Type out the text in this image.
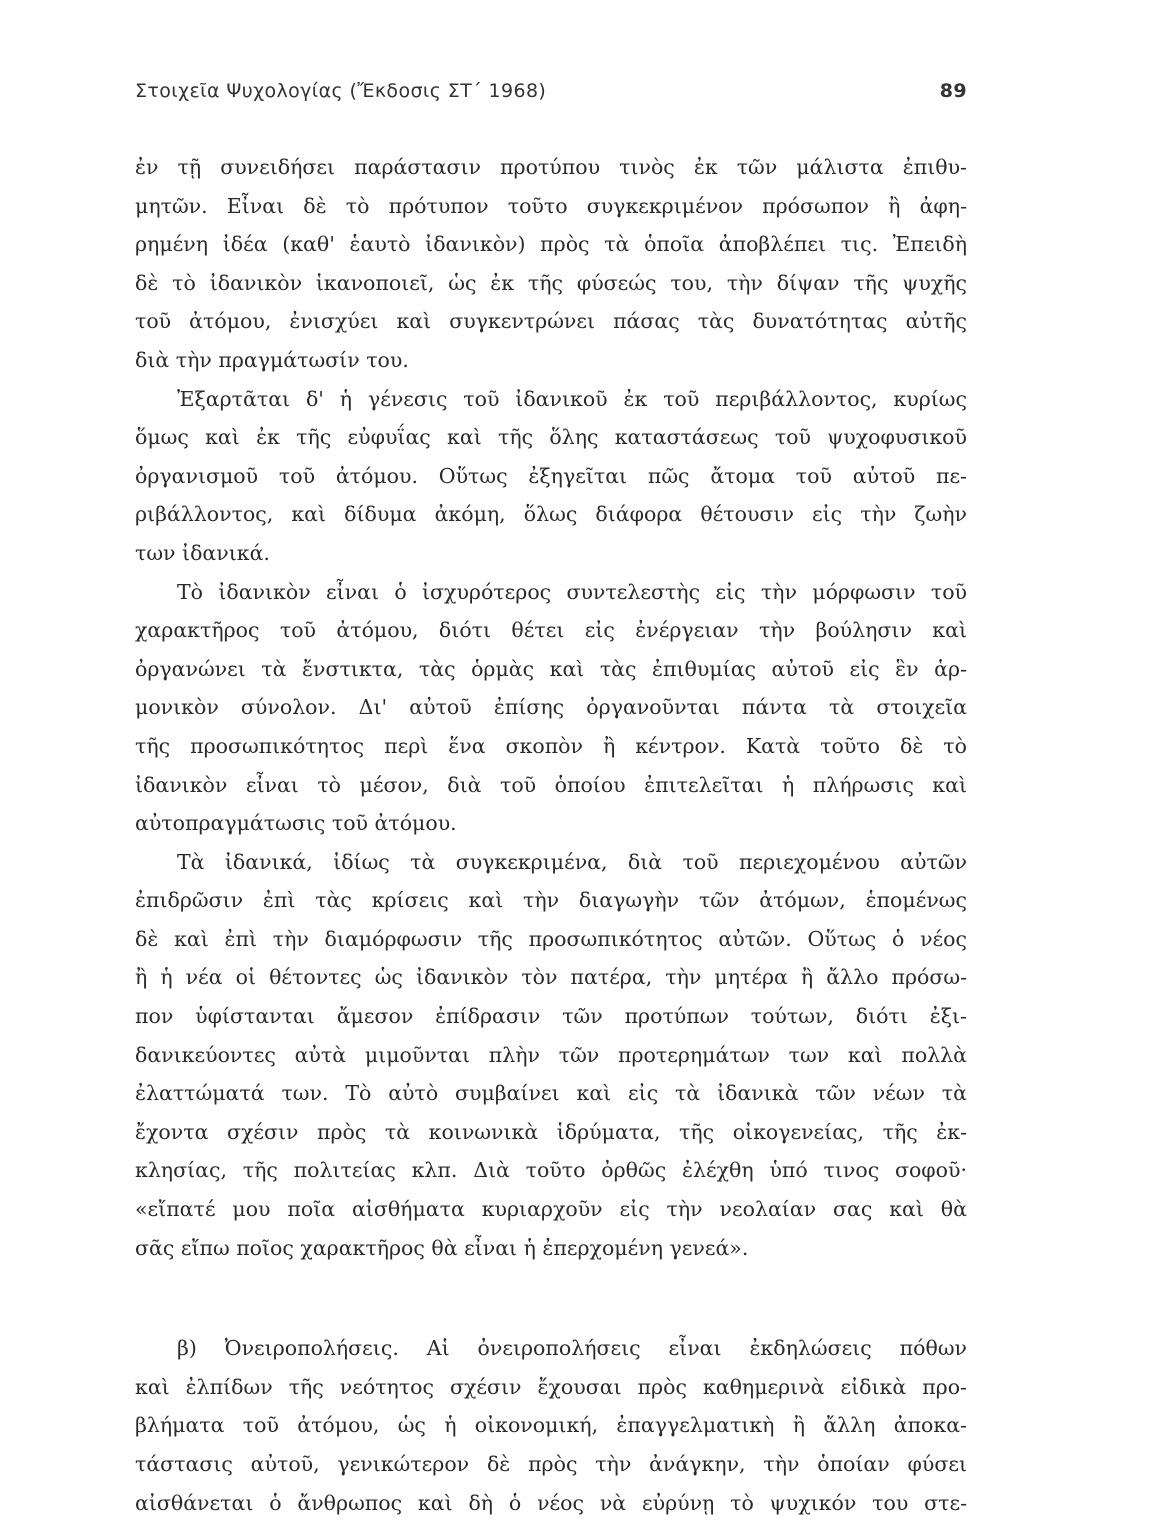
Στοιχεῖα Ψυχολογίας (Ἔκδοσις ΣΤ΄ 1968)	89
ἐν τῇ συνειδήσει παράστασιν προτύπου τινὸς ἐκ τῶν μάλιστα ἐπιθυ-
μητῶν. Εἶναι δὲ τὸ πρότυπον τοῦτο συγκεκριμένον πρόσωπον ἢ ἀφη-
ρημένη ἰδέα (καθ' ἑαυτὸ ἰδανικὸν) πρὸς τὰ ὁποῖα ἀποβλέπει τις. Ἐπειδὴ
δὲ τὸ ἰδανικὸν ἱκανοποιεῖ, ὡς ἐκ τῆς φύσεώς του, τὴν δίψαν τῆς ψυχῆς
τοῦ ἀτόμου, ἐνισχύει καὶ συγκεντρώνει πάσας τὰς δυνατότητας αὐτῆς
διὰ τὴν πραγμάτωσίν του.
Ἐξαρτᾶται δ' ἡ γένεσις τοῦ ἰδανικοῦ ἐκ τοῦ περιβάλλοντος, κυρίως
ὅμως καὶ ἐκ τῆς εὐφυΐας καὶ τῆς ὅλης καταστάσεως τοῦ ψυχοφυσικοῦ
ὀργανισμοῦ τοῦ ἀτόμου. Οὕτως ἐξηγεῖται πῶς ἄτομα τοῦ αὐτοῦ πε-
ριβάλλοντος, καὶ δίδυμα ἀκόμη, ὅλως διάφορα θέτουσιν εἰς τὴν ζωὴν
των ἰδανικά.
Τὸ ἰδανικὸν εἶναι ὁ ἰσχυρότερος συντελεστὴς εἰς τὴν μόρφωσιν τοῦ
χαρακτῆρος τοῦ ἀτόμου, διότι θέτει εἰς ἐνέργειαν τὴν βούλησιν καὶ
ὀργανώνει τὰ ἔνστικτα, τὰς ὁρμὰς καὶ τὰς ἐπιθυμίας αὐτοῦ εἰς ἓν ἁρ-
μονικὸν σύνολον. Δι' αὐτοῦ ἐπίσης ὀργανοῦνται πάντα τὰ στοιχεῖα
τῆς προσωπικότητος περὶ ἕνα σκοπὸν ἢ κέντρον. Κατὰ τοῦτο δὲ τὸ
ἰδανικὸν εἶναι τὸ μέσον, διὰ τοῦ ὁποίου ἐπιτελεῖται ἡ πλήρωσις καὶ
αὐτοπραγμάτωσις τοῦ ἀτόμου.
Τὰ ἰδανικά, ἰδίως τὰ συγκεκριμένα, διὰ τοῦ περιεχομένου αὐτῶν
ἐπιδρῶσιν ἐπὶ τὰς κρίσεις καὶ τὴν διαγωγὴν τῶν ἀτόμων, ἑπομένως
δὲ καὶ ἐπὶ τὴν διαμόρφωσιν τῆς προσωπικότητος αὐτῶν. Οὕτως ὁ νέος
ἢ ἡ νέα οἱ θέτοντες ὡς ἰδανικὸν τὸν πατέρα, τὴν μητέρα ἢ ἄλλο πρόσω-
πον ὑφίστανται ἄμεσον ἐπίδρασιν τῶν προτύπων τούτων, διότι ἐξι-
δανικεύοντες αὐτὰ μιμοῦνται πλὴν τῶν προτερημάτων των καὶ πολλὰ
ἐλαττώματά των. Τὸ αὐτὸ συμβαίνει καὶ εἰς τὰ ἰδανικὰ τῶν νέων τὰ
ἔχοντα σχέσιν πρὸς τὰ κοινωνικὰ ἱδρύματα, τῆς οἰκογενείας, τῆς ἐκ-
κλησίας, τῆς πολιτείας κλπ. Διὰ τοῦτο ὀρθῶς ἐλέχθη ὑπό τινος σοφοῦ·
«εἴπατέ μου ποῖα αἰσθήματα κυριαρχοῦν εἰς τὴν νεολαίαν σας καὶ θὰ
σᾶς εἴπω ποῖος χαρακτῆρος θὰ εἶναι ἡ ἐπερχομένη γενεά».
β) Ὀνειροπολήσεις. Αἱ ὀνειροπολήσεις εἶναι ἐκδηλώσεις πόθων
καὶ ἐλπίδων τῆς νεότητος σχέσιν ἔχουσαι πρὸς καθημερινὰ εἰδικὰ προ-
βλήματα τοῦ ἀτόμου, ὡς ἡ οἰκονομική, ἐπαγγελματικὴ ἢ ἄλλη ἀποκα-
τάστασις αὐτοῦ, γενικώτερον δὲ πρὸς τὴν ἀνάγκην, τὴν ὁποίαν φύσει
αἰσθάνεται ὁ ἄνθρωπος καὶ δὴ ὁ νέος νὰ εὐρύνῃ τὸ ψυχικόν του στε-
